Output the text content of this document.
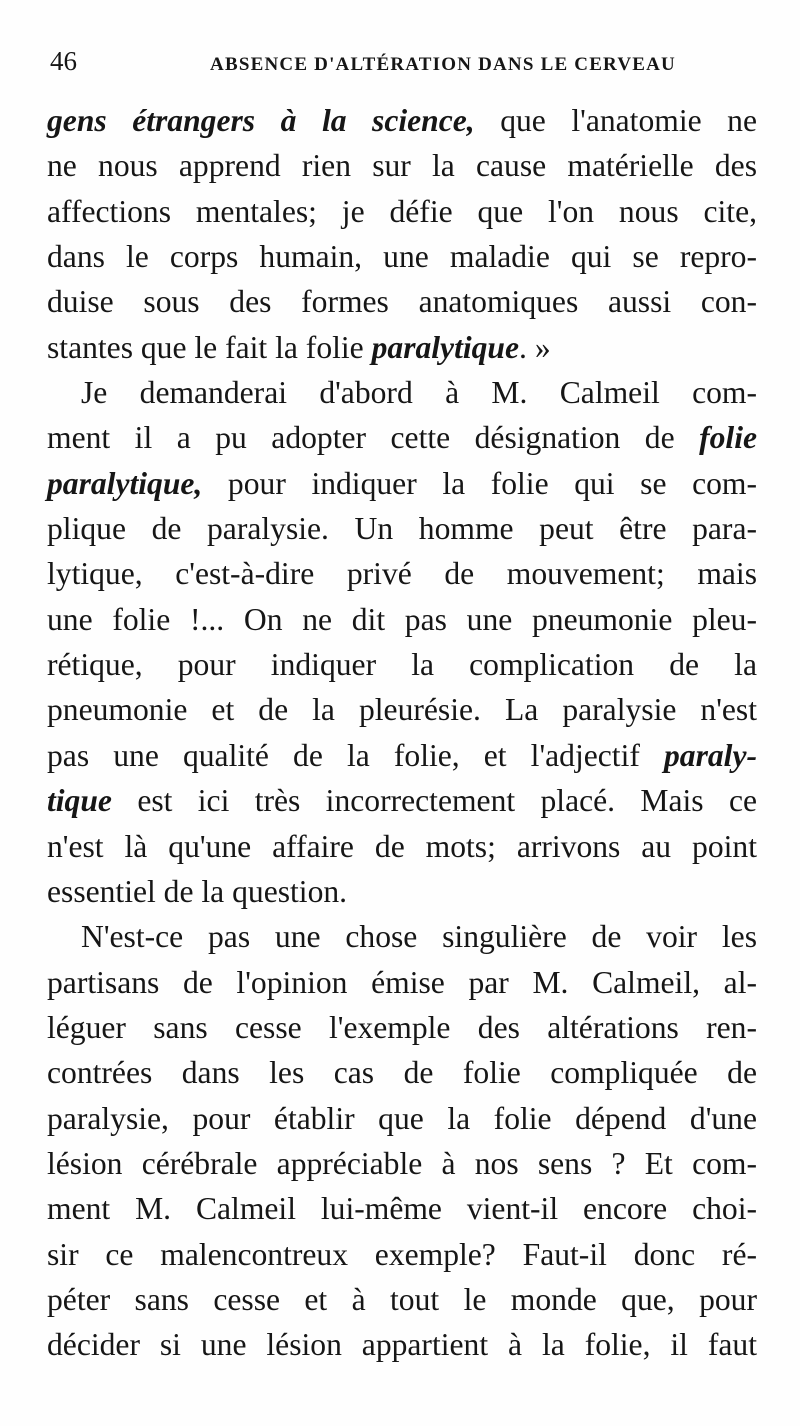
46	ABSENCE D'ALTÉRATION DANS LE CERVEAU
gens étrangers à la science, que l'anatomie ne
ne nous apprend rien sur la cause matérielle des
affections mentales; je défie que l'on nous cite,
dans le corps humain, une maladie qui se repro-
duise sous des formes anatomiques aussi con-
stantes que le fait la folie paralytique. »
Je demanderai d'abord à M. Calmeil com-
ment il a pu adopter cette désignation de folie
paralytique, pour indiquer la folie qui se com-
plique de paralysie. Un homme peut être para-
lytique, c'est-à-dire privé de mouvement; mais
une folie !... On ne dit pas une pneumonie pleu-
rétique, pour indiquer la complication de la
pneumonie et de la pleurésie. La paralysie n'est
pas une qualité de la folie, et l'adjectif paraly-
tique est ici très incorrectement placé. Mais ce
n'est là qu'une affaire de mots; arrivons au point
essentiel de la question.
N'est-ce pas une chose singulière de voir les
partisans de l'opinion émise par M. Calmeil, al-
léguer sans cesse l'exemple des altérations ren-
contrées dans les cas de folie compliquée de
paralysie, pour établir que la folie dépend d'une
lésion cérébrale appréciable à nos sens ? Et com-
ment M. Calmeil lui-même vient-il encore choi-
sir ce malencontreux exemple? Faut-il donc ré-
péter sans cesse et à tout le monde que, pour
décider si une lésion appartient à la folie, il faut
